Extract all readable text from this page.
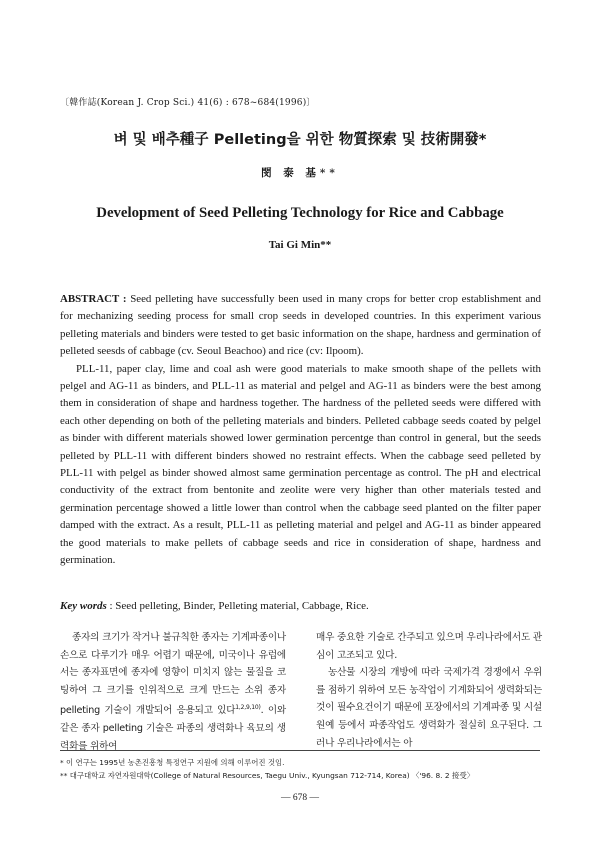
〔韓作誌(Korean J. Crop Sci.) 41(6) : 678~684(1996)〕
벼 및 배추種子 Pelleting을 위한 物質探索 및 技術開發*
閔 泰 基**
Development of Seed Pelleting Technology for Rice and Cabbage
Tai Gi Min**

ABSTRACT : Seed pelleting have successfully been used in many crops for better crop establishment and for mechanizing seeding process for small crop seeds in developed countries. In this experiment various pelleting materials and binders were tested to get basic information on the shape, hardness and germination of pelleted seesds of cabbage (cv. Seoul Beachoo) and rice (cv: Ilpoom).

PLL-11, paper clay, lime and coal ash were good materials to make smooth shape of the pellets with pelgel and AG-11 as binders, and PLL-11 as material and pelgel and AG-11 as binders were the best among them in consideration of shape and hardness together. The hardness of the pelleted seeds were differed with each other depending on both of the pelleting materials and binders. Pelleted cabbage seeds coated by pelgel as binder with different materials showed lower germination percentge than control in general, but the seeds pelleted by PLL-11 with different binders showed no restraint effects. When the cabbage seed pelleted by PLL-11 with pelgel as binder showed almost same germination percentage as control. The pH and electrical conductivity of the extract from bentonite and zeolite were very higher than other materials tested and germination percentage showed a little lower than control when the cabbage seed planted on the filter paper damped with the extract. As a result, PLL-11 as pelleting material and pelgel and AG-11 as binder appeared the good materials to make pellets of cabbage seeds and rice in consideration of shape, hardness and germination.

Key words : Seed pelleting, Binder, Pelleting material, Cabbage, Rice.

종자의 크기가 작거나 불규칙한 종자는 기계파종이나 손으로 다루기가 매우 어렵기 때문에, 미국이나 유럽에서는 종자표면에 종자에 영향이 미치지 않는 물질을 코팅하여 그 크기를 인위적으로 크게 만드는 소위 종자 pelleting 기술이 개발되어 응용되고 있다$^{1,2,9,10)}$. 이와 같은 종자 pelleting 기술은 파종의 생력화나 육묘의 생력화를 위하여

매우 중요한 기술로 간주되고 있으며 우리나라에서도 관심이 고조되고 있다.

농산물 시장의 개방에 따라 국제가격 경쟁에서 우위를 점하기 위하여 모든 농작업이 기계화되어 생력화되는 것이 필수요건이기 때문에 포장에서의 기계파종 및 시설원예 등에서 파종작업도 생력화가 절실히 요구된다. 그러나 우리나라에서는 아

* 이 연구는 1995년 농촌진흥청 특정연구 지원에 의해 이루어진 것임.
** 대구대학교 자연자원대학(College of Natural Resources, Taegu Univ., Kyungsan 712-714, Korea) 〈'96. 8. 2 接受〉
— 678 —
